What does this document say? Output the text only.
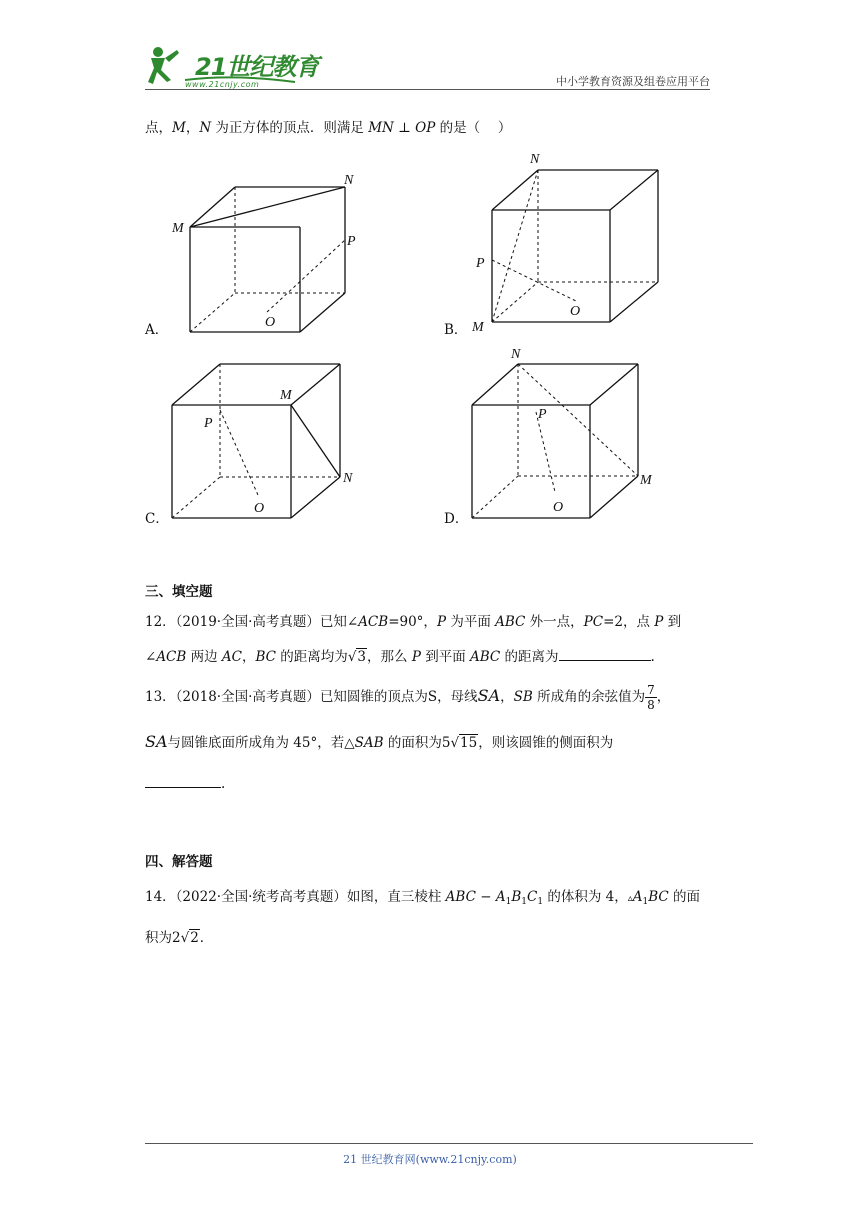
21世纪教育
www.21cnjy.com	中小学教育资源及组卷应用平台
点，M，N 为正方体的顶点．则满足 MN ⊥ OP 的是（　 ）
A．
M
N
P
O	B．
N
P
M
O
C．
M
N
P
O
D．
N
P
M
O
三、填空题
12．（2019·全国·高考真题）已知∠ACB=90°，P 为平面 ABC 外一点，PC=2，点 P 到
∠ACB 两边 AC，BC 的距离均为√3，那么 P 到平面 ABC 的距离为	.
13．（2018·全国·高考真题）已知圆锥的顶点为S，母线SA，SB 所成角的余弦值为 $\frac{7}{8}$ ，
SA与圆锥底面所成角为 45°，若△SAB 的面积为5√15，则该圆锥的侧面积为
.
四、解答题
14．（2022·全国·统考高考真题）如图，直三棱柱 ABC − $A_1B_1C_1$ 的体积为 4，$▵A_1BC$ 的面
积为2√2．
21 世纪教育网(www.21cnjy.com)
